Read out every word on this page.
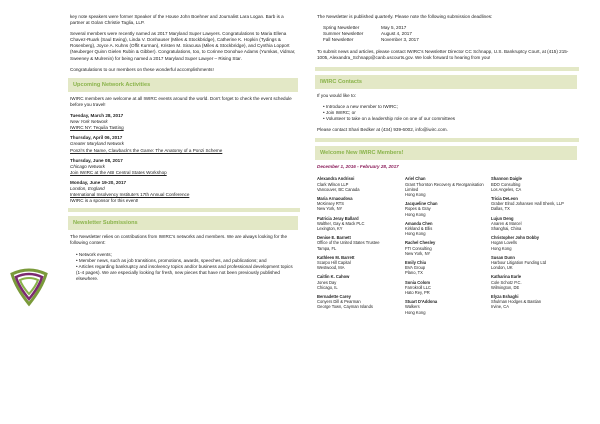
key note speakers were former Speaker of the House John Boehner and Journalist Lara Logan. Barb is a partner at Golan Christie Taglia, LLP.

Several members were recently named as 2017 Maryland Super Lawyers. Congratulations to Maria Ellena Chavez-Ruark (Saul Ewing), Linda V. Donhauser (Miles & Stockbridge), Catherine K. Hopkin (Tydings & Rosenberg), Joyce A. Kuhns (Offit Kurman), Kristen M. Siracusa (Miles & Stockbridge), and Cynthia Lopport (Neuberger Quinn Gielen Rubin & Gibber). Congratulations, too, to Corinne Donohue Adams (Yumkas, Vidmar, Sweeney & Mulrenin) for being named a 2017 Maryland Super Lawyer – Rising Star.

Congratulations to our members on these wonderful accomplishments!

Upcoming Network Activities

IWIRC members are welcome at all IWIRC events around the world. Don't forget to check the event schedule before you travel!

Tuesday, March 28, 2017
New York Network
IWIRC NY: Tequila Tasting
Thursday, April 06, 2017
Greater Maryland Network
Ponzi's the Name, Clawback's the Game: The Anatomy of a Ponzi Scheme
Thursday, June 08, 2017
Chicago Network
Join IWIRC at the ABI Central States Workshop
Monday, June 19-20, 2017
London, England
International Insolvency Institute's 17th Annual Conference
IWIRC is a sponsor for this event!
Newsletter Submissions

The Newsletter relies on contributions from IWIRC's networks and members. We are always looking for the following content:

• Network events;
• Member news, such as job transitions, promotions, awards, speeches, and publications; and
• Articles regarding bankruptcy and insolvency topics and/or business and professional development topics (1-4 pages). We are especially looking for fresh, new pieces that have not been previously published elsewhere.

The Newsletter is published quarterly. Please note the following submission deadlines:

Spring Newsletter	May 5, 2017
Summer Newsletter	August 4, 2017
Fall Newsletter	November 3, 2017

To submit news and articles, please contact IWIRC's Newsletter Director CC Schnapp, U.S. Bankruptcy Court, at (415) 215-1005, Alexandra_Schnapp@canb.uscourts.gov. We look forward to hearing from you!

IWIRC Contacts

If you would like to:

• Introduce a new member to IWIRC;
• Join IWIRC; or
• Volunteer to take on a leadership role on one of our committees

Please contact Shari Bedker at (434) 939-6002, info@iwirc.com.

Welcome New IWIRC Members!
December 1, 2016 - February 28, 2017
Alexandra Andrisoi
Clark Wilson LLP
Vancouver, BC Canada
Maria Arnaoudova
McKinsey RTS
New York, NY
Patricia Jeray Ballard
Walther, Gay & Mack PLC
Lexington, KY
Denise E. Barnett
Office of the United States Trustee
Tampa, FL
Kathleen M. Barrett
Scarpo Hill Capital
Westwood, MA
Caitlin K. Cahow
Jones Day
Chicago, IL
Bernadette Carey
Conyers Dill & Pearman
George Town, Cayman Islands
Ariel Chan
Grant Thornton Recovery & Reorganisation Limited
Hong Kong
Jacqueline Chan
Ropes & Gray
Hong Kong
Amanda Chen
Kirkland & Ellis
Hong Kong
Rachel Chesley
FTI Consulting
New York, NY
Emily Chiu
BVA Group
Plano, TX
Sonia Colom
Farrokroll LLC
Hato Rey, PR
Stuart D'Addona
Walkers
Hong Kong
Shannon Daigle
BDO Consulting
Los Angeles, CA
Tricia DeLeon
Graber Elrod Johansen Hall Shenk, LLP
Dallas, TX
Lujun Deng
Anaren & Marcel
Shanghai, China
Christopher John Dobby
Hogan Lovells
Hong Kong
Susan Dunn
Harbour Litigation Funding Ltd
London, UK
Katharina Earle
Cole Schotz P.C.
Wilmington, DE
Elyza Eshaghi
Shulman Hodges & Bastian
Irvine, CA
